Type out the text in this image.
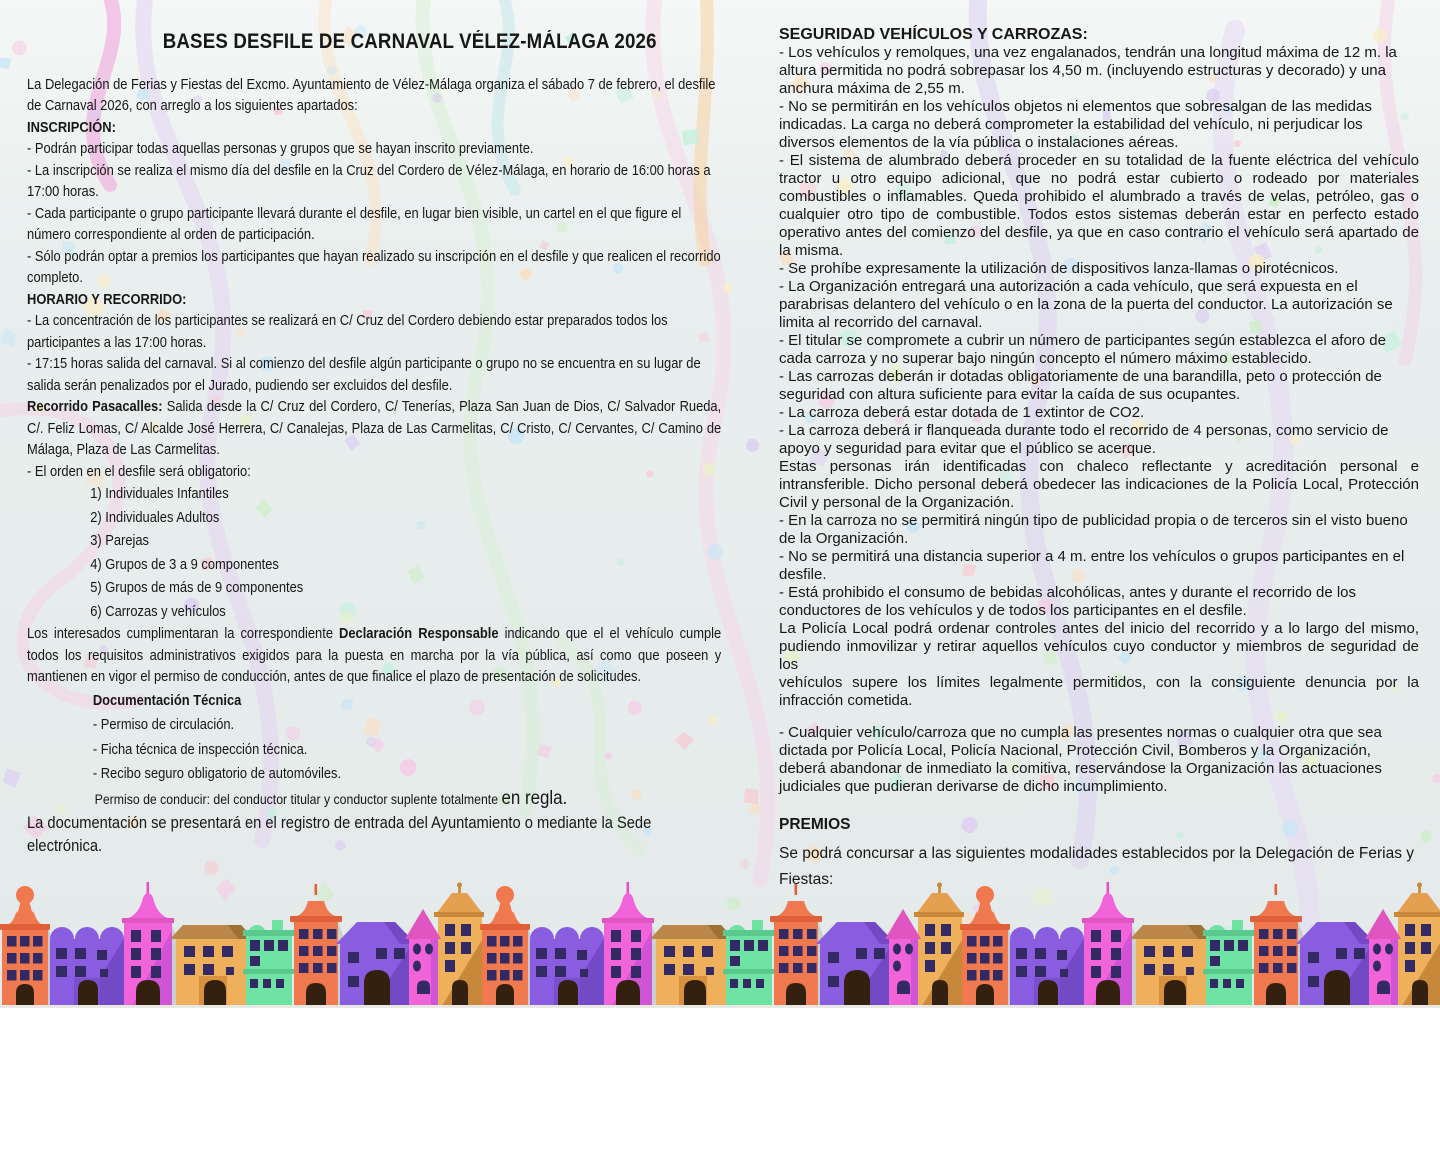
BASES DESFILE DE CARNAVAL VÉLEZ-MÁLAGA 2026

La Delegación de Ferias y Fiestas del Excmo. Ayuntamiento de Vélez-Málaga organiza el sábado 7 de febrero, el desfile de Carnaval 2026, con arreglo a los siguientes apartados:

INSCRIPCIÓN:

- Podrán participar todas aquellas personas y grupos que se hayan inscrito previamente.

- La inscripción se realiza el mismo día del desfile en la Cruz del Cordero de Vélez-Málaga, en horario de 16:00 horas a 17:00 horas.

- Cada participante o grupo participante llevará durante el desfile, en lugar bien visible, un cartel en el que figure el número correspondiente al orden de participación.

- Sólo podrán optar a premios los participantes que hayan realizado su inscripción en el desfile y que realicen el recorrido completo.

HORARIO Y RECORRIDO:

- La concentración de los participantes se realizará en C/ Cruz del Cordero debiendo estar preparados todos los participantes a las 17:00 horas.

- 17:15 horas salida del carnaval. Si al comienzo del desfile algún participante o grupo no se encuentra en su lugar de salida serán penalizados por el Jurado, pudiendo ser excluidos del desfile.

Recorrido Pasacalles: Salida desde la C/ Cruz del Cordero, C/ Tenerías, Plaza San Juan de Dios, C/ Salvador Rueda, C/. Feliz Lomas, C/ Alcalde José Herrera, C/ Canalejas, Plaza de Las Carmelitas, C/ Cristo, C/ Cervantes, C/ Camino de Málaga, Plaza de Las Carmelitas.

- El orden en el desfile será obligatorio:

1) Individuales Infantiles

2) Individuales Adultos

3) Parejas

4) Grupos de 3 a 9 componentes

5) Grupos de más de 9 componentes

6) Carrozas y vehículos

Los interesados cumplimentaran la correspondiente Declaración Responsable indicando que el el vehículo cumple todos los requisitos administrativos exigidos para la puesta en marcha por la vía pública, así como que poseen y mantienen en vigor el permiso de conducción, antes de que finalice el plazo de presentación de solicitudes.

Documentación Técnica

- Permiso de circulación.

- Ficha técnica de inspección técnica.

- Recibo seguro obligatorio de automóviles.

Permiso de conducir: del conductor titular y conductor suplente totalmente en regla.

La documentación se presentará en el registro de entrada del Ayuntamiento o mediante la Sede electrónica.

SEGURIDAD VEHÍCULOS Y CARROZAS:

- Los vehículos y remolques, una vez engalanados, tendrán una longitud máxima de 12 m. la altura permitida no podrá sobrepasar los 4,50 m. (incluyendo estructuras y decorado) y una anchura máxima de 2,55 m.

- No se permitirán en los vehículos objetos ni elementos que sobresalgan de las medidas indicadas. La carga no deberá comprometer la estabilidad del vehículo, ni perjudicar los diversos elementos de la vía pública o instalaciones aéreas.

- El sistema de alumbrado deberá proceder en su totalidad de la fuente eléctrica del vehículo tractor u otro equipo adicional, que no podrá estar cubierto o rodeado por materiales combustibles o inflamables. Queda prohibido el alumbrado a través de velas, petróleo, gas o cualquier otro tipo de combustible. Todos estos sistemas deberán estar en perfecto estado operativo antes del comienzo del desfile, ya que en caso contrario el vehículo será apartado de la misma.

- Se prohíbe expresamente la utilización de dispositivos lanza-llamas o pirotécnicos.

- La Organización entregará una autorización a cada vehículo, que será expuesta en el parabrisas delantero del vehículo o en la zona de la puerta del conductor. La autorización se limita al recorrido del carnaval.

- El titular se compromete a cubrir un número de participantes según establezca el aforo de cada carroza y no superar bajo ningún concepto el número máximo establecido.

- Las carrozas deberán ir dotadas obligatoriamente de una barandilla, peto o protección de seguridad con altura suficiente para evitar la caída de sus ocupantes.

- La carroza deberá estar dotada de 1 extintor de CO2.

- La carroza deberá ir flanqueada durante todo el recorrido de 4 personas, como servicio de apoyo y seguridad para evitar que el público se acerque.

Estas personas irán identificadas con chaleco reflectante y acreditación personal e intransferible. Dicho personal deberá obedecer las indicaciones de la Policía Local, Protección Civil y personal de la Organización.

- En la carroza no se permitirá ningún tipo de publicidad propia o de terceros sin el visto bueno de la Organización.

- No se permitirá una distancia superior a 4 m. entre los vehículos o grupos participantes en el desfile.

- Está prohibido el consumo de bebidas alcohólicas, antes y durante el recorrido de los conductores de los vehículos y de todos los participantes en el desfile.

La Policía Local podrá ordenar controles antes del inicio del recorrido y a lo largo del mismo, pudiendo inmovilizar y retirar aquellos vehículos cuyo conductor y miembros de seguridad de los

vehículos supere los límites legalmente permitidos, con la consiguiente denuncia por la infracción cometida.

- Cualquier vehículo/carroza que no cumpla las presentes normas o cualquier otra que sea dictada por Policía Local, Policía Nacional, Protección Civil, Bomberos y la Organización, deberá abandonar de inmediato la comitiva, reservándose la Organización las actuaciones judiciales que pudieran derivarse de dicho incumplimiento.

PREMIOS

Se podrá concursar a las siguientes modalidades establecidos por la Delegación de Ferias y Fiestas:
